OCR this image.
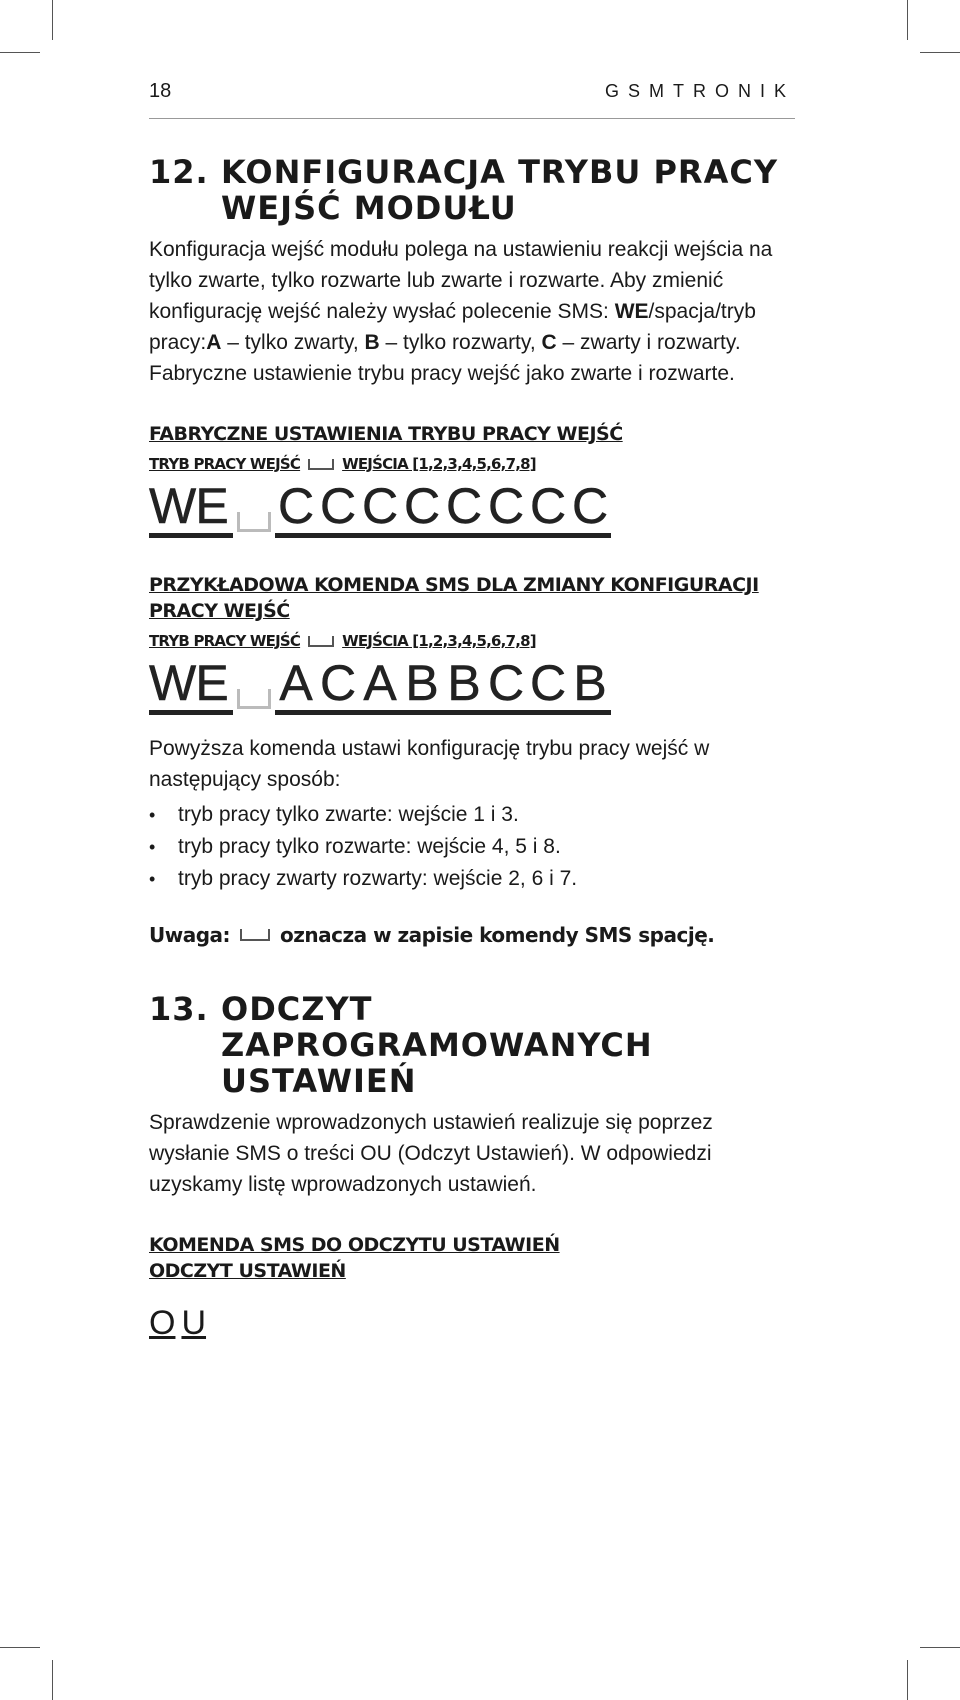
18	GSMTRONIK
12. KONFIGURACJA TRYBU PRACY WEJŚĆ MODUŁU

Konfiguracja wejść modułu polega na ustawieniu reakcji wejścia na tylko zwarte, tylko rozwarte lub zwarte i rozwarte. Aby zmienić konfigurację wejść należy wysłać polecenie SMS: WE/spacja/tryb pracy:A – tylko zwarty, B – tylko rozwarty, C – zwarty i rozwarty. Fabryczne ustawienie trybu pracy wejść jako zwarte i rozwarte.

FABRYCZNE USTAWIENIA TRYBU PRACY WEJŚĆ
TRYB PRACY WEJŚĆ	WEJŚCIA [1,2,3,4,5,6,7,8]
W E C C C C C C C C
PRZYKŁADOWA KOMENDA SMS DLA ZMIANY KONFIGURACJI PRACY WEJŚĆ
TRYB PRACY WEJŚĆ	WEJŚCIA [1,2,3,4,5,6,7,8]
W E A C A B B C C B

Powyższa komenda ustawi konfigurację trybu pracy wejść w następujący sposób:

• tryb pracy tylko zwarte: wejście 1 i 3.
• tryb pracy tylko rozwarte: wejście 4, 5 i 8.
• tryb pracy zwarty rozwarty: wejście 2, 6 i 7.
Uwaga:	oznacza w zapisie komendy SMS spację.
13. ODCZYT ZAPROGRAMOWANYCH USTAWIEŃ

Sprawdzenie wprowadzonych ustawień realizuje się poprzez wysłanie SMS o treści OU (Odczyt Ustawień). W odpowiedzi uzyskamy listę wprowadzonych ustawień.

KOMENDA SMS DO ODCZYTU USTAWIEŃ
ODCZYT USTAWIEŃ
O U
